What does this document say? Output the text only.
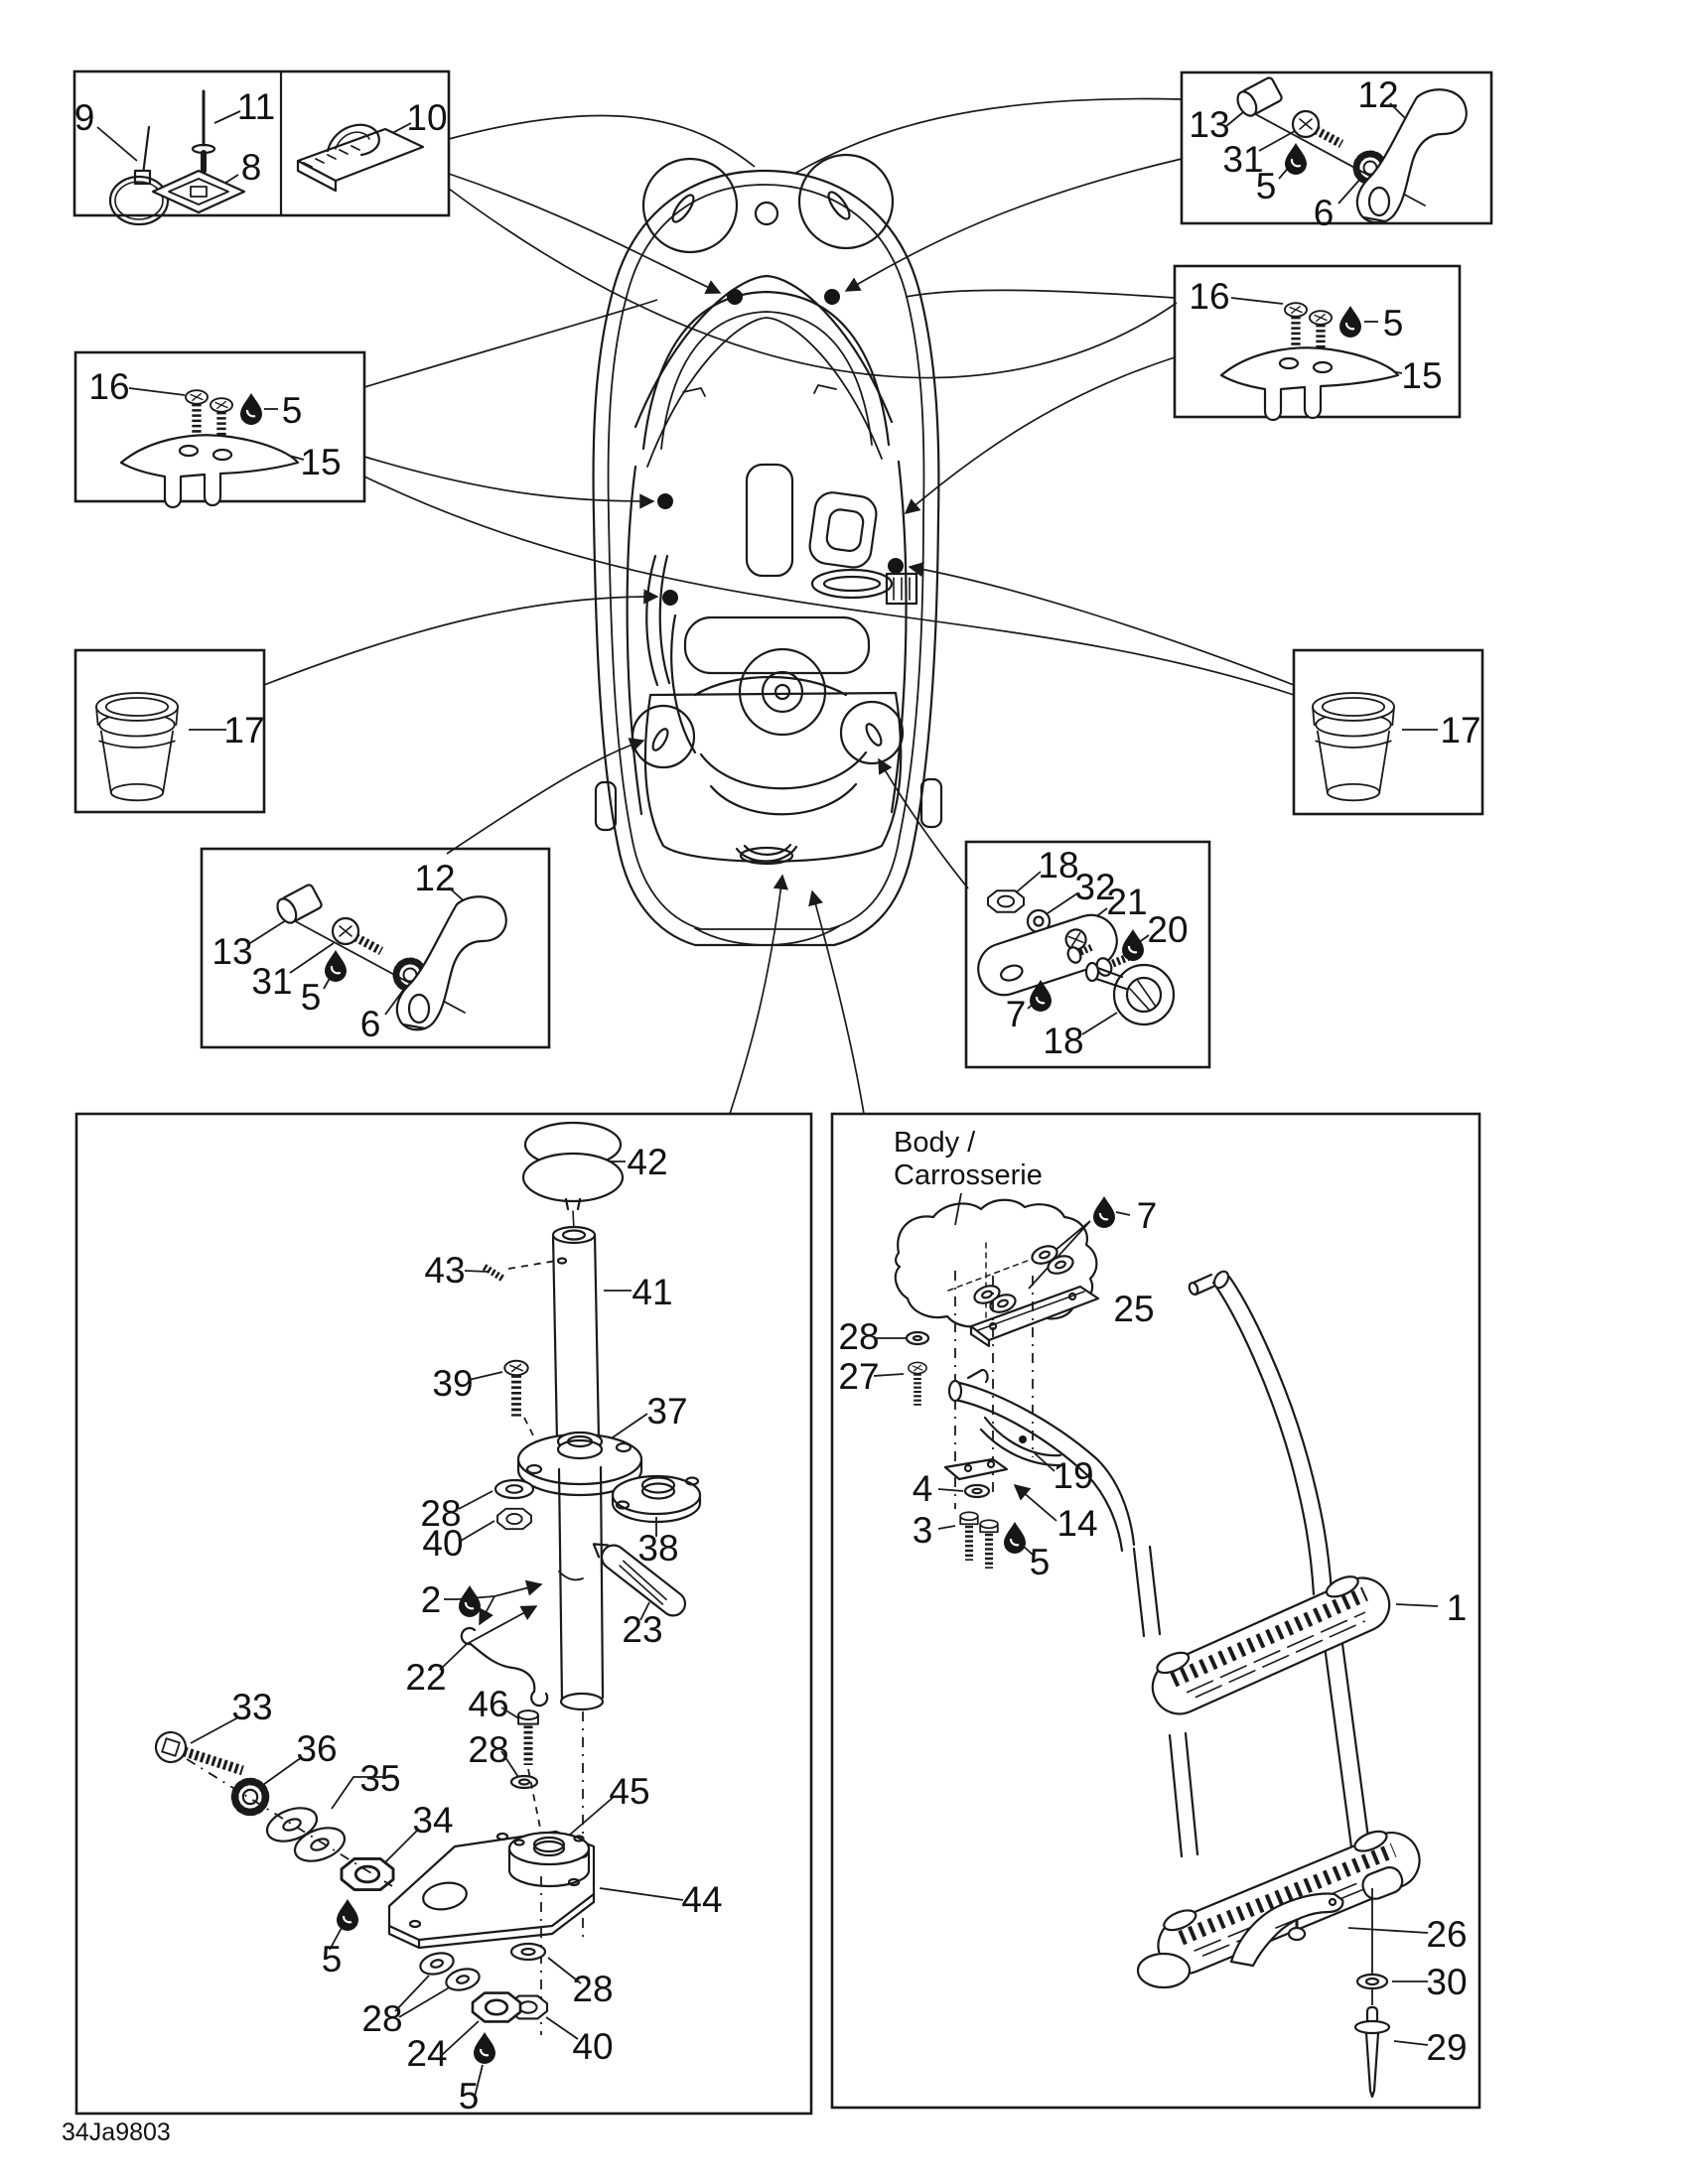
9	11
8
10	13
31
5
6
12
16
5
15
16
5
15
17	17
12
13
31 5
6
18
32
21
20
7
18
42
43
41
39
37
28
40	38
2
23
22
46
28
33
36
35
34
5
45
44
28
40
28
24
5
Body /
Carrosserie
7
25
28
27
19
4
3	14
5
1
26
30
29
34Ja9803
